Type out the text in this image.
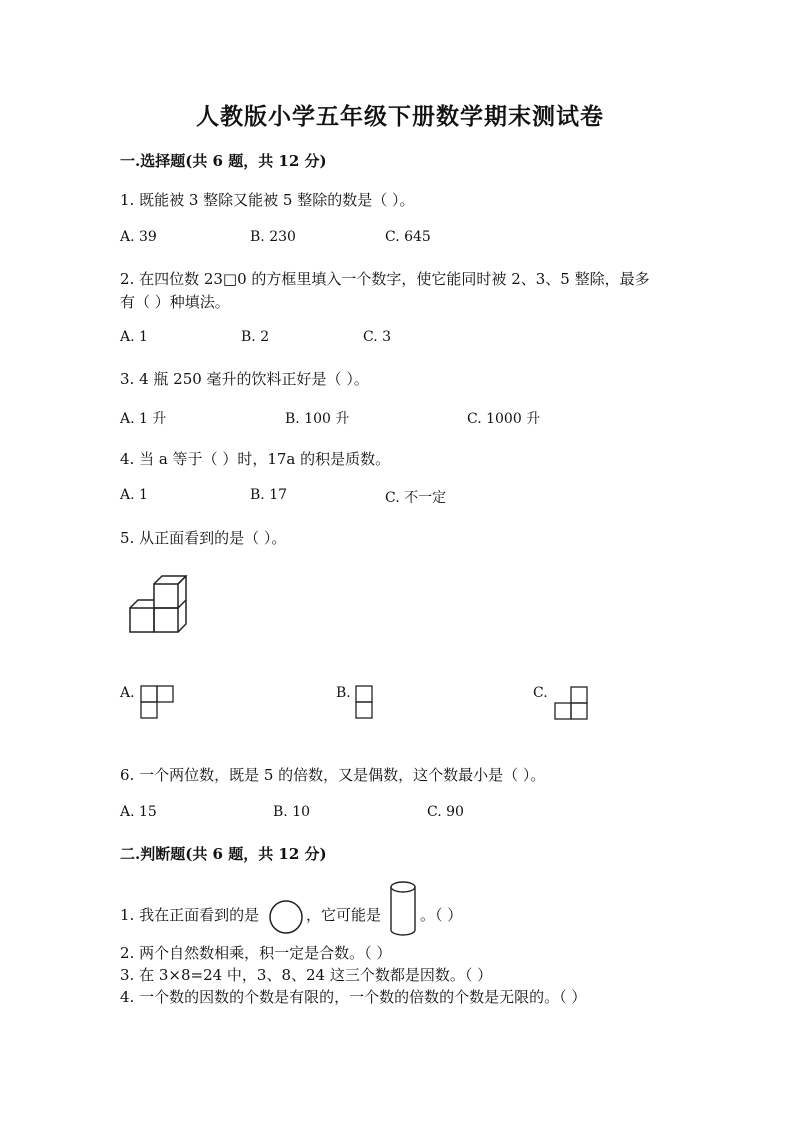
人教版小学五年级下册数学期末测试卷
一.选择题(共 6 题，共 12 分)
1. 既能被 3 整除又能被 5 整除的数是（ ）。
A. 39	B. 230	C. 645
2. 在四位数 23□0 的方框里填入一个数字，使它能同时被 2、3、5 整除，最多
有（ ）种填法。
A. 1	B. 2	C. 3
3. 4 瓶 250 毫升的饮料正好是（ ）。
A. 1 升	B. 100 升	C. 1000 升
4. 当 a 等于（ ）时，17a 的积是质数。
A. 1	B. 17	C. 不一定
5. 从正面看到的是（ ）。
A.	B.	C.
6. 一个两位数，既是 5 的倍数，又是偶数，这个数最小是（ ）。
A. 15	B. 10	C. 90
二.判断题(共 6 题，共 12 分)
1. 我在正面看到的是	，它可能是	。（ ）
2. 两个自然数相乘，积一定是合数。（ ）
3. 在 3×8=24 中，3、8、24 这三个数都是因数。（ ）
4. 一个数的因数的个数是有限的，一个数的倍数的个数是无限的。（ ）
